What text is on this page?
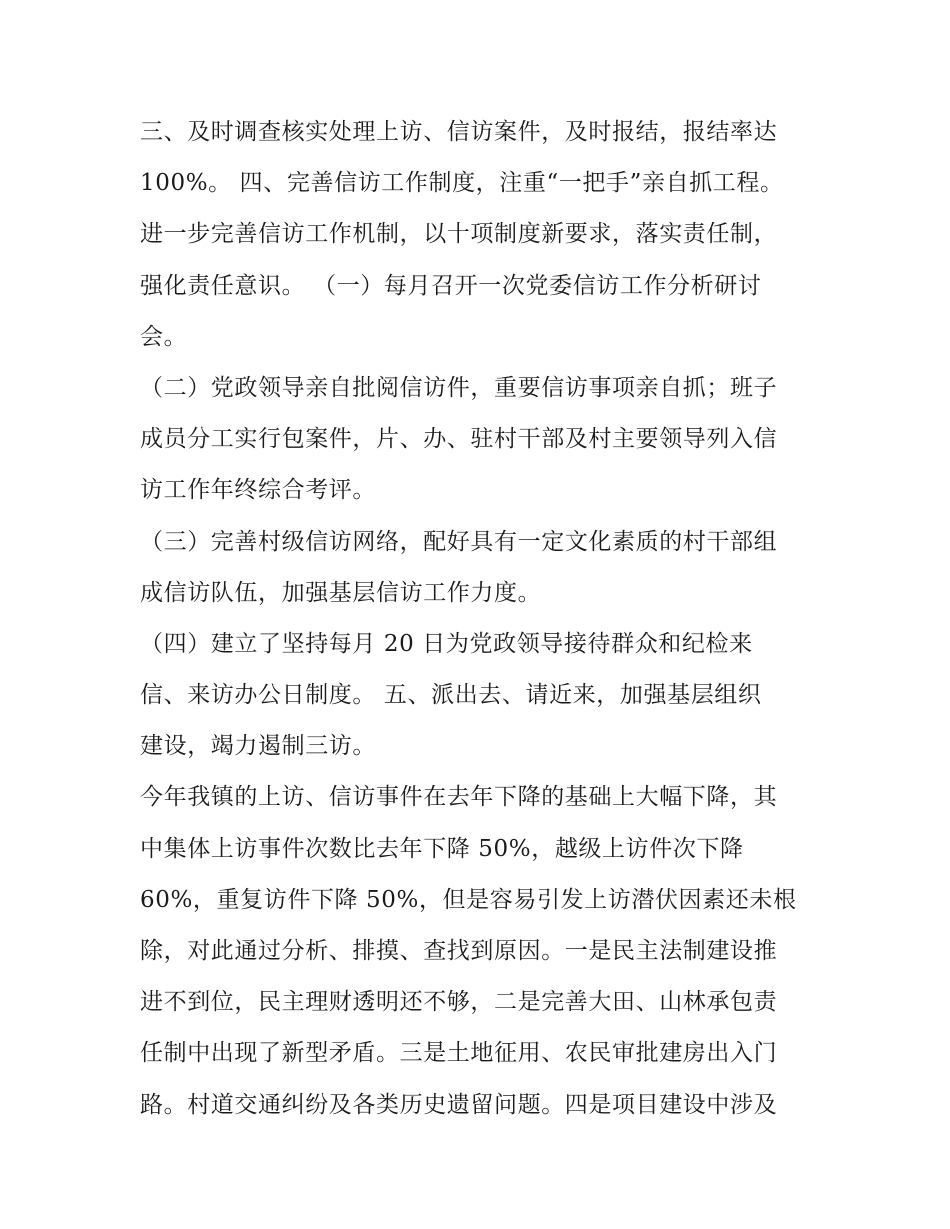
三、及时调查核实处理上访、信访案件，及时报结，报结率达
100%。 四、完善信访工作制度，注重“一把手”亲自抓工程。
进一步完善信访工作机制，以十项制度新要求，落实责任制，
强化责任意识。 （一）每月召开一次党委信访工作分析研讨
会。
（二）党政领导亲自批阅信访件，重要信访事项亲自抓；班子
成员分工实行包案件，片、办、驻村干部及村主要领导列入信
访工作年终综合考评。
（三）完善村级信访网络，配好具有一定文化素质的村干部组
成信访队伍，加强基层信访工作力度。
（四）建立了坚持每月 20 日为党政领导接待群众和纪检来
信、来访办公日制度。 五、派出去、请近来，加强基层组织
建设，竭力遏制三访。
今年我镇的上访、信访事件在去年下降的基础上大幅下降，其
中集体上访事件次数比去年下降 50%，越级上访件次下降
60%，重复访件下降 50%，但是容易引发上访潜伏因素还未根
除，对此通过分析、排摸、查找到原因。一是民主法制建设推
进不到位，民主理财透明还不够，二是完善大田、山林承包责
任制中出现了新型矛盾。三是土地征用、农民审批建房出入门
路。村道交通纠纷及各类历史遗留问题。四是项目建设中涉及
